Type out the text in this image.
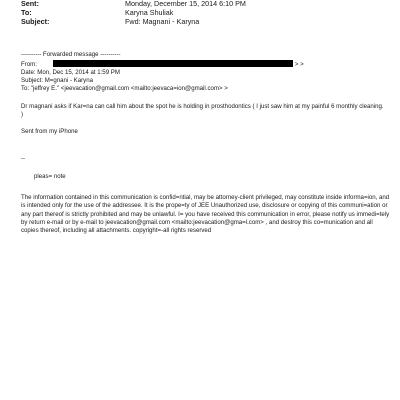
Sent:	Monday, December 15, 2014 6:10 PM
To:	Karyna Shuliak
Subject:	Fwd: Magnani - Karyna
---------- Forwarded message ----------
From:	> >
Date: Mon, Dec 15, 2014 at 1:59 PM
Subject: M=gnani - Karyna
To: "jeffrey E." <jeevacation@gmail.com <mailto:jeevaca=ion@gmail.com> >
Dr magnani asks if Kar=na can call him about the spot he is holding in prosthodontics ( I just saw him at my painful 6 monthly cleaning. )
Sent from my iPhone
--
pleas= note
The information contained in this communication is confid=ntial, may be attorney-client privileged, may constitute inside informa=ion, and is intended only for the use of the addressee. It is the prope=ty of JEE Unauthorized use, disclosure or copying of this communi=ation or any part thereof is strictly prohibited and may be unlawful. I= you have received this communication in error, please notify us immedi=tely by return e-mail or by e-mail to jeevacation@gmail.com <mailto:jeevacation@gma=l.com> , and destroy this co=munication and all copies thereof, including all attachments. copyright=-all rights reserved
